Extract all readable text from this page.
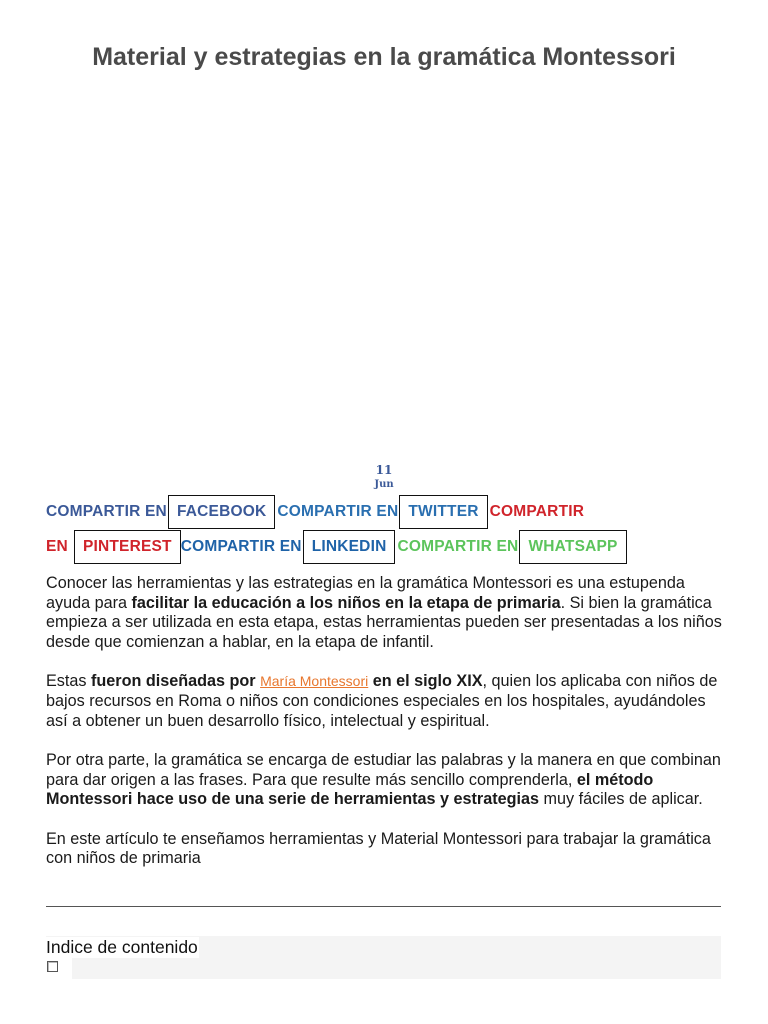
Material y estrategias en la gramática Montessori
11
Jun
COMPARTIR EN FACEBOOK COMPARTIR EN TWITTER COMPARTIR
EN PINTEREST COMPARTIR EN LINKEDIN COMPARTIR EN WHATSAPP

Conocer las herramientas y las estrategias en la gramática Montessori es una estupenda ayuda para facilitar la educación a los niños en la etapa de primaria. Si bien la gramática empieza a ser utilizada en esta etapa, estas herramientas pueden ser presentadas a los niños desde que comienzan a hablar, en la etapa de infantil.

Estas fueron diseñadas por María Montessori en el siglo XIX, quien los aplicaba con niños de bajos recursos en Roma o niños con condiciones especiales en los hospitales, ayudándoles así a obtener un buen desarrollo físico, intelectual y espiritual.

Por otra parte, la gramática se encarga de estudiar las palabras y la manera en que combinan para dar origen a las frases. Para que resulte más sencillo comprenderla, el método Montessori hace uso de una serie de herramientas y estrategias muy fáciles de aplicar.

En este artículo te enseñamos herramientas y Material Montessori para trabajar la gramática con niños de primaria

Indice de contenido
